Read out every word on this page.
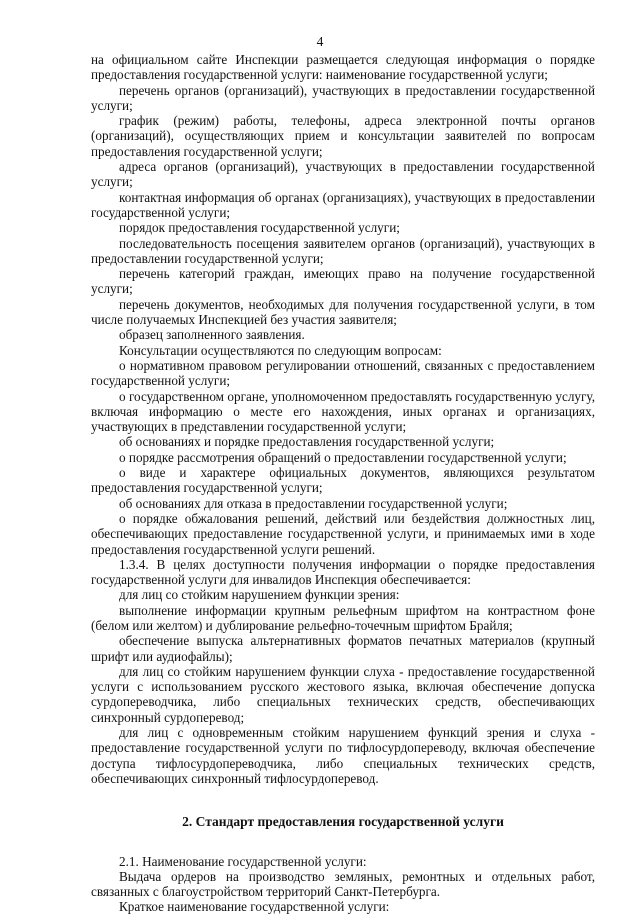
4

на официальном сайте Инспекции размещается следующая информация о порядке предоставления государственной услуги: наименование государственной услуги;

перечень органов (организаций), участвующих в предоставлении государственной услуги;

график (режим) работы, телефоны, адреса электронной почты органов (организаций), осуществляющих прием и консультации заявителей по вопросам предоставления государственной услуги;

адреса органов (организаций), участвующих в предоставлении государственной услуги;

контактная информация об органах (организациях), участвующих в предоставлении государственной услуги;

порядок предоставления государственной услуги;

последовательность посещения заявителем органов (организаций), участвующих в предоставлении государственной услуги;

перечень категорий граждан, имеющих право на получение государственной услуги;

перечень документов, необходимых для получения государственной услуги, в том числе получаемых Инспекцией без участия заявителя;

образец заполненного заявления.

Консультации осуществляются по следующим вопросам:

о нормативном правовом регулировании отношений, связанных с предоставлением государственной услуги;

о государственном органе, уполномоченном предоставлять государственную услугу, включая информацию о месте его нахождения, иных органах и организациях, участвующих в представлении государственной услуги;

об основаниях и порядке предоставления государственной услуги;

о порядке рассмотрения обращений о предоставлении государственной услуги;

о виде и характере официальных документов, являющихся результатом предоставления государственной услуги;

об основаниях для отказа в предоставлении государственной услуги;

о порядке обжалования решений, действий или бездействия должностных лиц, обеспечивающих предоставление государственной услуги, и принимаемых ими в ходе предоставления государственной услуги решений.

1.3.4. В целях доступности получения информации о порядке предоставления государственной услуги для инвалидов Инспекция обеспечивается:

для лиц со стойким нарушением функции зрения:

выполнение информации крупным рельефным шрифтом на контрастном фоне (белом или желтом) и дублирование рельефно-точечным шрифтом Брайля;

обеспечение выпуска альтернативных форматов печатных материалов (крупный шрифт или аудиофайлы);

для лиц со стойким нарушением функции слуха - предоставление государственной услуги с использованием русского жестового языка, включая обеспечение допуска сурдопереводчика, либо специальных технических средств, обеспечивающих синхронный сурдоперевод;

для лиц с одновременным стойким нарушением функций зрения и слуха - предоставление государственной услуги по тифлосурдопереводу, включая обеспечение доступа тифлосурдопереводчика, либо специальных технических средств, обеспечивающих синхронный тифлосурдоперевод.

2. Стандарт предоставления государственной услуги

2.1. Наименование государственной услуги:

Выдача ордеров на производство земляных, ремонтных и отдельных работ, связанных с благоустройством территорий Санкт-Петербурга.

Краткое наименование государственной услуги:
